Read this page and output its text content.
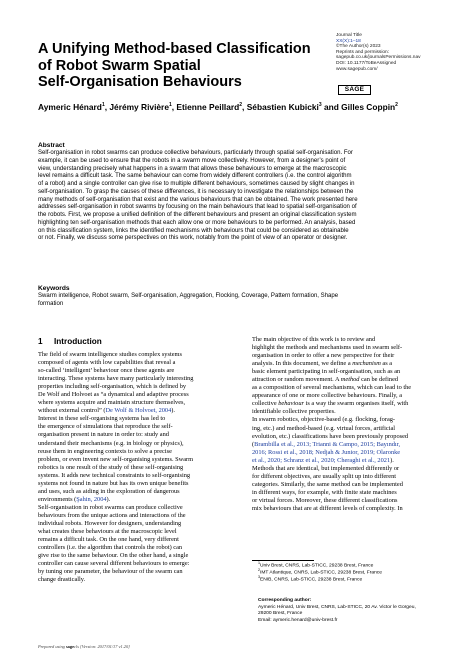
A Unifying Method-based Classification
of Robot Swarm Spatial
Self-Organisation Behaviours
Journal Title
XX(X):1–18
©The Author(s) 2023
Reprints and permission:
sagepub.co.uk/journalsPermissions.nav
DOI: 10.1177/ToBeAssigned
www.sagepub.com/
SAGE
Aymeric Hénard$^1$, Jérémy Rivière$^1$, Etienne Peillard$^2$, Sébastien Kubicki$^3$ and Gilles Coppin$^2$
Abstract
Self-organisation in robot swarms can produce collective behaviours, particularly through spatial self-organisation. For
example, it can be used to ensure that the robots in a swarm move collectively. However, from a designer’s point of
view, understanding precisely what happens in a swarm that allows these behaviours to emerge at the macroscopic
level remains a difficult task. The same behaviour can come from widely different controllers (i.e. the control algorithm
of a robot) and a single controller can give rise to multiple different behaviours, sometimes caused by slight changes in
self-organisation. To grasp the causes of these differences, it is necessary to investigate the relationships between the
many methods of self-organisation that exist and the various behaviours that can be obtained. The work presented here
addresses self-organisation in robot swarms by focusing on the main behaviours that lead to spatial self-organisation of
the robots. First, we propose a unified definition of the different behaviours and present an original classification system
highlighting ten self-organisation methods that each allow one or more behaviours to be performed. An analysis, based
on this classification system, links the identified mechanisms with behaviours that could be considered as obtainable
or not. Finally, we discuss some perspectives on this work, notably from the point of view of an operator or designer.
Keywords
Swarm intelligence, Robot swarm, Self-organisation, Aggregation, Flocking, Coverage, Pattern formation, Shape
formation
1 Introduction
The field of swarm intelligence studies complex systems
composed of agents with low capabilities that reveal a
so-called ‘intelligent’ behaviour once these agents are
interacting. These systems have many particularly interesting
properties including self-organisation, which is defined by
De Wolf and Holvoet as “a dynamical and adaptive process
where systems acquire and maintain structure themselves,
without external control” (De Wolf & Holvoet, 2004).
Interest in these self-organising systems has led to
the emergence of simulations that reproduce the self-
organisation present in nature in order to: study and
understand their mechanisms (e.g. in biology or physics),
reuse them in engineering contexts to solve a precise
problem, or even invent new self-organising systems. Swarm
robotics is one result of the study of these self-organising
systems. It adds new technical constraints to self-organising
systems not found in nature but has its own unique benefits
and uses, such as aiding in the exploration of dangerous
environments (Şahin, 2004).
Self-organisation in robot swarms can produce collective
behaviours from the unique actions and interactions of the
individual robots. However for designers, understanding
what creates these behaviours at the macroscopic level
remains a difficult task. On the one hand, very different
controllers (i.e. the algorithm that controls the robot) can
give rise to the same behaviour. On the other hand, a single
controller can cause several different behaviours to emerge:
by tuning one parameter, the behaviour of the swarm can
change drastically.
The main objective of this work is to review and
highlight the methods and mechanisms used in swarm self-
organisation in order to offer a new perspective for their
analysis. In this document, we define a mechanism as a
basic element participating in self-organisation, such as an
attraction or random movement. A method can be defined
as a composition of several mechanisms, which can lead to the
appearance of one or more collective behaviours. Finally, a
collective behaviour is a way the swarm organises itself, with
identifiable collective properties.
In swarm robotics, objective-based (e.g. flocking, forag-
ing, etc.) and method-based (e.g. virtual forces, artificial
evolution, etc.) classifications have been previously proposed
(Brambilla et al., 2013; Trianni & Campo, 2015; Bayındır,
2016; Rossi et al., 2018; Nedjah & Junior, 2019; Olaronke
et al., 2020; Schranz et al., 2020; Cheraghi et al., 2021).
Methods that are identical, but implemented differently or
for different objectives, are usually split up into different
categories. Similarly, the same method can be implemented
in different ways, for example, with finite state machines
or virtual forces. Moreover, these different classifications
mix behaviours that are at different levels of complexity. In
$^1$Univ Brest, CNRS, Lab-STICC, 29238 Brest, France
$^2$IMT Atlantique, CNRS, Lab-STICC, 29238 Brest, France
$^3$ENIB, CNRS, Lab-STICC, 29238 Brest, France
Corresponding author:
Aymeric Hénard, Univ Brest, CNRS, Lab-STICC, 20 Av. Victor le Gorgeu,
29200 Brest, France
Email: aymeric.henard@univ-brest.fr
Prepared using sagecls [Version: 2017/01/17 v1.20]
